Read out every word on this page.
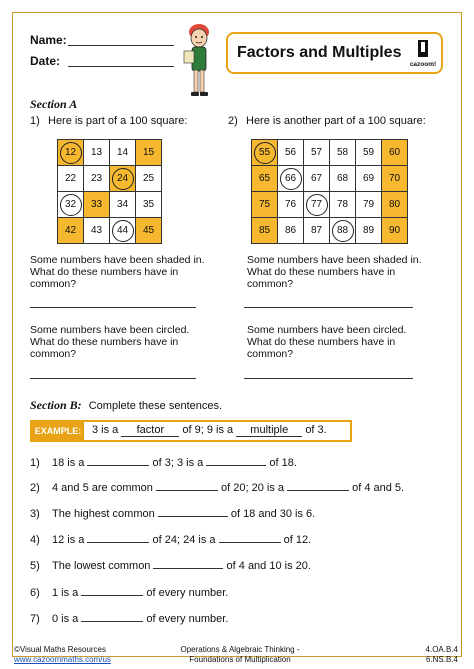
Name:
Date:	Factors and Multiples
cazoom!
Section A
1) Here is part of a 100 square:
12	13	14	15
22	23	24	25
32	33	34	35
42	43	44	45
2) Here is another part of a 100 square:
55	56	57	58	59	60
65	66	67	68	69	70
75	76	77	78	79	80
85	86	87	88	89	90
Some numbers have been shaded in.
What do these numbers have in
common?
Some numbers have been circled.
What do these numbers have in
common?
Some numbers have been shaded in.
What do these numbers have in
common?
Some numbers have been circled.
What do these numbers have in
common?
Section B: Complete these sentences.
EXAMPLE: 3 is a factor of 9; 9 is a multiple of 3.
1) 18 is a	of 3; 3 is a	of 18.
2) 4 and 5 are common	of 20; 20 is a	of 4 and 5.
3) The highest common	of 18 and 30 is 6.
4) 12 is a	of 24; 24 is a	of 12.
5) The lowest common	of 4 and 10 is 20.
6) 1 is a	of every number.
7) 0 is a	of every number.
©Visual Maths Resources
www.cazoommaths.com/us
Operations & Algebraic Thinking -
Foundations of Multiplication
4.OA.B.4
6.NS.B.4
